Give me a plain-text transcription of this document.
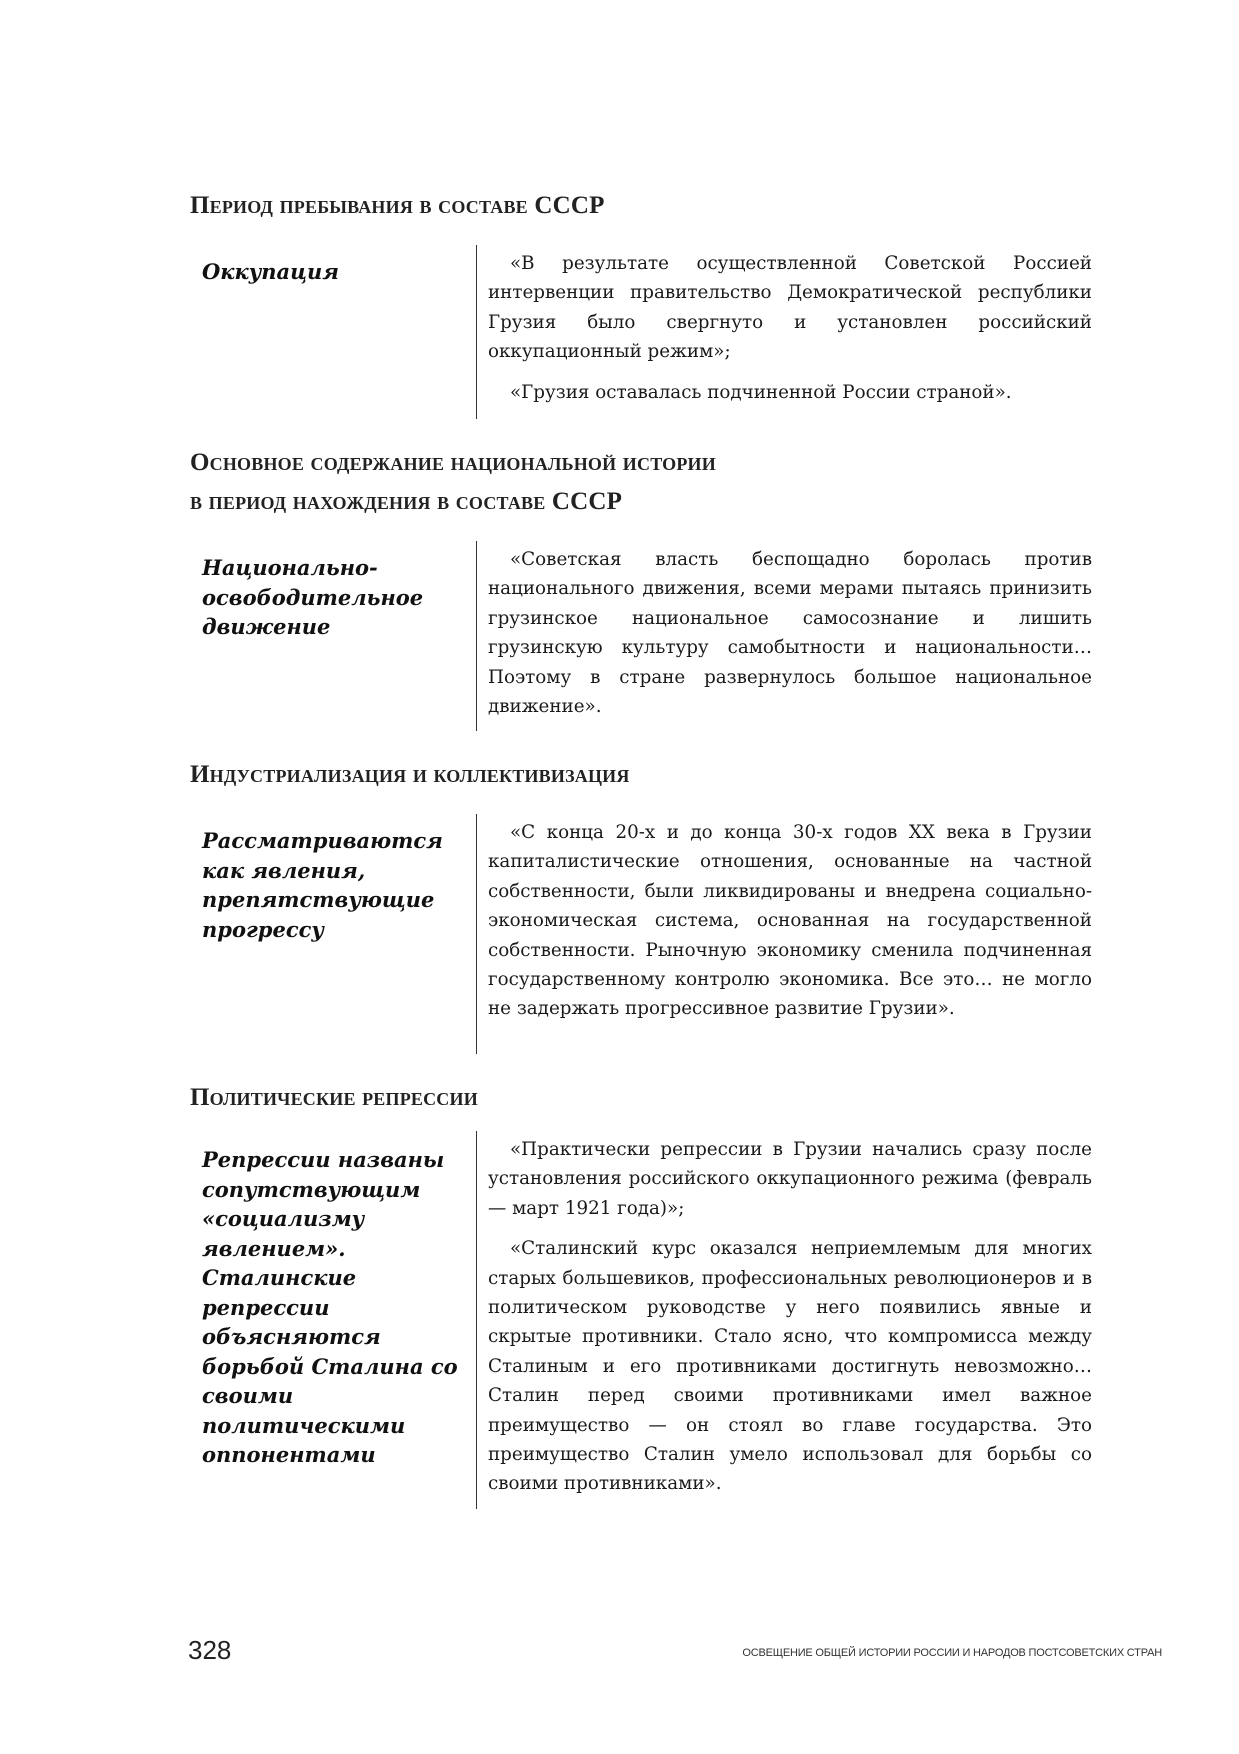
Период пребывания в составе СССР
Оккупация	«В результате осуществленной Советской Россией интервенции правительство Демократической республики Грузия было свергнуто и установлен российский оккупационный режим»;

«Грузия оставалась подчиненной России страной».

Основное содержание национальной истории
в период нахождения в составе СССР
Национально-освободительное движение

«Советская власть беспощадно боролась против национального движения, всеми мерами пытаясь принизить грузинское национальное самосознание и лишить грузинскую культуру самобытности и национальности… Поэтому в стране развернулось большое национальное движение».

Индустриализация и коллективизация
Рассматриваются как явления, препятствующие прогрессу

«С конца 20-х и до конца 30-х годов XX века в Грузии капиталистические отношения, основанные на частной собственности, были ликвидированы и внедрена социально-экономическая система, основанная на государственной собственности. Рыночную экономику сменила подчиненная государственному контролю экономика. Все это… не могло не задержать прогрессивное развитие Грузии».

Политические репрессии
Репрессии названы сопутствующим «социализму явлением». Сталинские репрессии объясняются борьбой Сталина со своими политическими оппонентами

«Практически репрессии в Грузии начались сразу после установления российского оккупационного режима (февраль — март 1921 года)»;

«Сталинский курс оказался неприемлемым для многих старых большевиков, профессиональных революционеров и в политическом руководстве у него появились явные и скрытые противники. Стало ясно, что компромисса между Сталиным и его противниками достигнуть невозможно… Сталин перед своими противниками имел важное преимущество — он стоял во главе государства. Это преимущество Сталин умело использовал для борьбы со своими противниками».

328	ОСВЕЩЕНИЕ ОБЩЕЙ ИСТОРИИ РОССИИ И НАРОДОВ ПОСТСОВЕТСКИХ СТРАН
